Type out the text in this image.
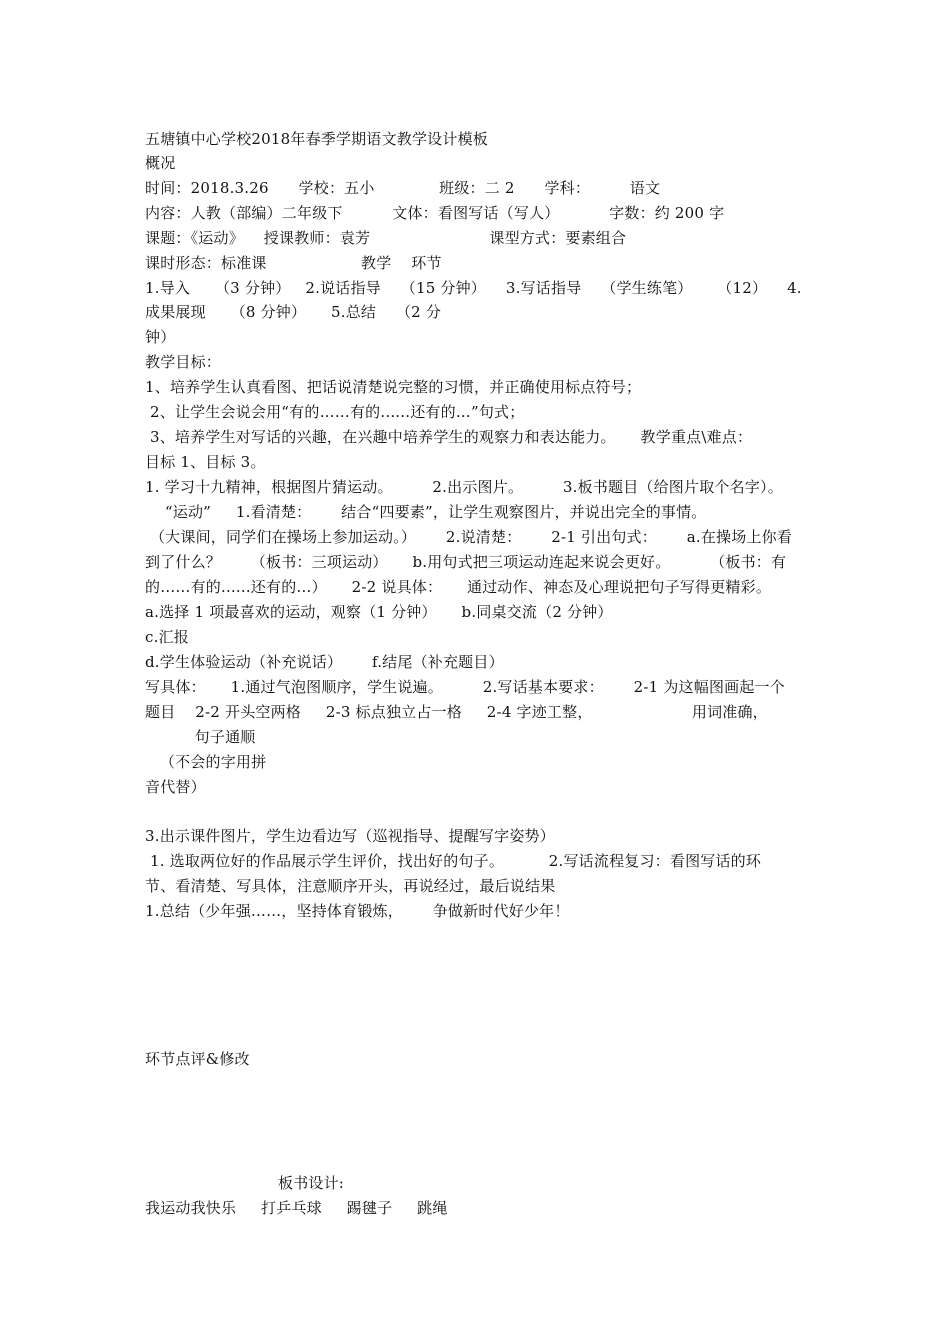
五塘镇中心学校2018年春季学期语文教学设计模板
概况
时间：2018.3.26      学校：五小             班级：二 2      学科：        语文
内容：人教（部编）二年级下          文体：看图写话（写人）          字数：约 200 字
课题：《运动》    授课教师：袁芳                        课型方式：要素组合
课时形态：标准课                   教学    环节
1.导入     （3 分钟）   2.说话指导    （15 分钟）    3.写话指导    （学生练笔）     （12）    4.
成果展现     （8 分钟）     5.总结    （2 分
钟）
教学目标：
1、培养学生认真看图、把话说清楚说完整的习惯，并正确使用标点符号；
2、让学生会说会用“有的……有的......还有的…”句式；
3、培养学生对写话的兴趣，在兴趣中培养学生的观察力和表达能力。     教学重点\难点：
目标 1、目标 3。
1. 学习十九精神，根据图片猜运动。        2.出示图片。        3.板书题目（给图片取个名字）。
“运动”     1.看清楚：      结合“四要素”，让学生观察图片，并说出完全的事情。
（大课间，同学们在操场上参加运动。）      2.说清楚：      2-1 引出句式：      a.在操场上你看
到了什么？      （板书：三项运动）     b.用句式把三项运动连起来说会更好。        （板书：有
的……有的......还有的…）     2-2 说具体：     通过动作、神态及心理说把句子写得更精彩。
a.选择 1 项最喜欢的运动，观察（1 分钟）     b.同桌交流（2 分钟）
c.汇报
d.学生体验运动（补充说话）      f.结尾（补充题目）
写具体：     1.通过气泡图顺序，学生说遍。        2.写话基本要求：      2-1 为这幅图画起一个
题目    2-2 开头空两格     2-3 标点独立占一格     2-4 字迹工整，                    用词准确，
句子通顺
（不会的字用拼
音代替）
3.出示课件图片，学生边看边写（巡视指导、提醒写字姿势）
1. 选取两位好的作品展示学生评价，找出好的句子。         2.写话流程复习：看图写话的环
节、看清楚、写具体，注意顺序开头，再说经过，最后说结果
1.总结（少年强……，坚持体育锻炼，      争做新时代好少年！
环节点评&修改
板书设计:
我运动我快乐     打乒乓球     踢毽子     跳绳
